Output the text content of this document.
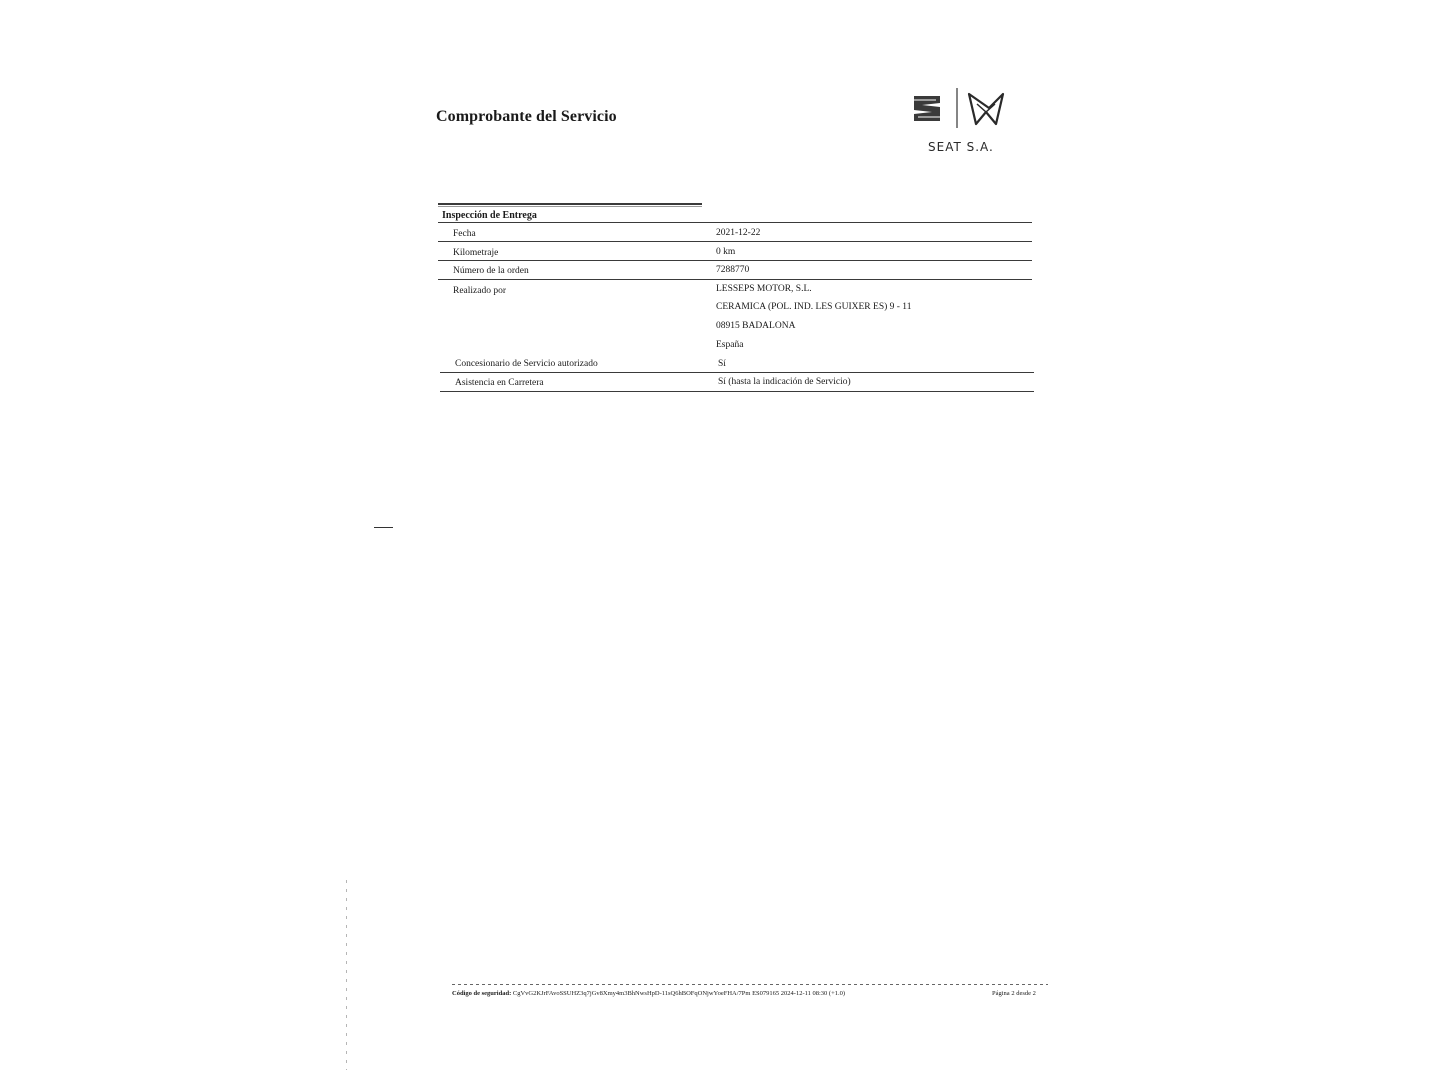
Comprobante del Servicio
SEAT S.A.
Inspección de Entrega
Fecha	2021-12-22
Kilometraje	0 km
Número de la orden	7288770
Realizado por	LESSEPS MOTOR, S.L.
CERAMICA (POL. IND. LES GUIXER ES) 9 - 11
08915 BADALONA
España
Concesionario de Servicio autorizado	Sí
Asistencia en Carretera	Sí (hasta la indicación de Servicio)
Código de seguridad: CgVvG2KJrFAvoSSUHZ3q7jGv8Xmy4m3BhNwsHpD-11sQ6hBOFqONjwYoeFHA/7Pm ES079165 2024-12-11 08:30 (+1.0)	Página 2 desde 2
